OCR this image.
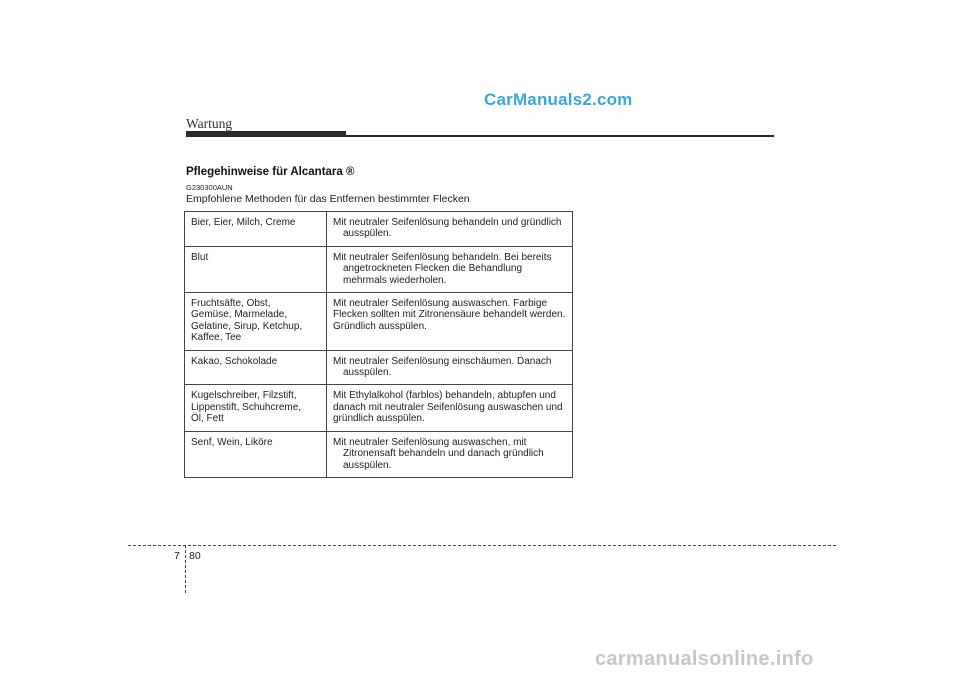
CarManuals2.com
Wartung
Pflegehinweise für Alcantara ®
G230300AUN
Empfohlene Methoden für das Entfernen bestimmter Flecken
Bier, Eier, Milch, Creme	Mit neutraler Seifenlösung behandeln und gründlich ausspülen.

Blut	Mit neutraler Seifenlösung behandeln. Bei bereits angetrockneten Flecken die Behandlung mehrmals wiederholen.

Fruchtsäfte, Obst,
Gemüse, Marmelade,
Gelatine, Sirup, Ketchup,
Kaffee, Tee	Mit neutraler Seifenlösung auswaschen. Farbige Flecken sollten mit Zitronensäure behandelt werden. Gründlich ausspülen.

Kakao, Schokolade	Mit neutraler Seifenlösung einschäumen. Danach ausspülen.

Kugelschreiber, Filzstift,
Lippenstift, Schuhcreme,
Öl, Fett	Mit Ethylalkohol (farblos) behandeln, abtupfen und danach mit neutraler Seifenlösung auswaschen und gründlich ausspülen.

Senf, Wein, Liköre	Mit neutraler Seifenlösung auswaschen, mit Zitronensaft behandeln und danach gründlich ausspülen.
7 80
carmanualsonline.info
